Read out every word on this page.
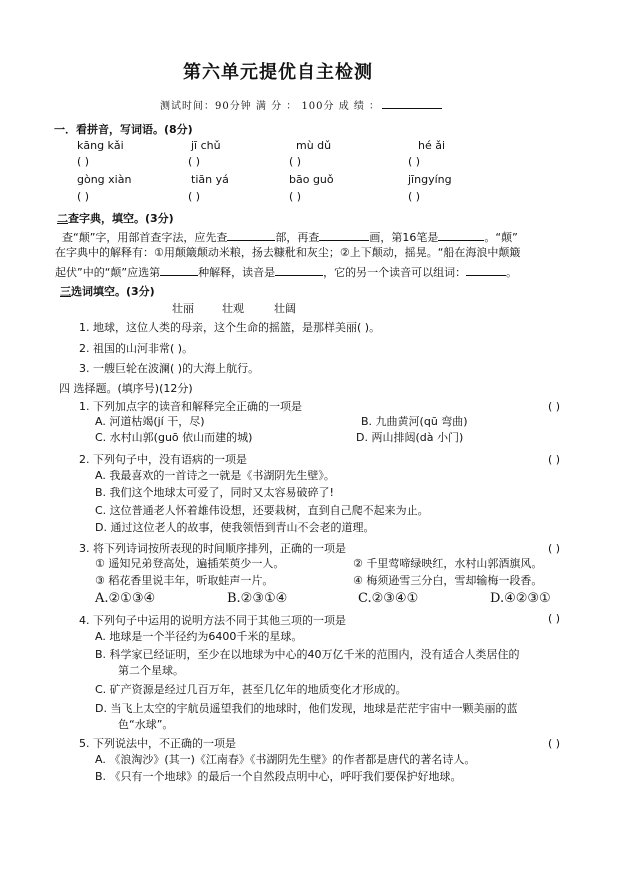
第六单元提优自主检测
测试时间：90分钟 满 分 ： 100分 成 绩 ：
一．看拼音，写词语。(8分)
kāng kǎi	jī chǔ	mù dǔ	hé ǎi
( )	( )	( )	( )
gòng xiàn	tiān yá	bāo guǒ	jīngyíng
( )	( )	( )	( )
二查字典，填空。(3分)
查“颠”字，用部首查字法，应先查	部，再查	画，第16笔是	。“颠”
在字典中的解释有：①用颠簸颠动米粮，扬去糠秕和灰尘；②上下颠动，摇晃。“船在海浪中颠簸
起伏”中的“颠”应选第	种解释，读音是	，它的另一个读音可以组词：	。
三选词填空。(3分)
壮丽	壮观	壮阔
1. 地球，这位人类的母亲，这个生命的摇篮，是那样美丽( )。
2. 祖国的山河非常( )。
3. 一艘巨轮在波澜( )的大海上航行。
四 选择题。(填序号)(12分)
1. 下列加点字的读音和解释完全正确的一项是	( )
A. 河道枯竭(jí 干，尽)	B. 九曲黄河(qū 弯曲)
C. 水村山郭(guō 依山而建的城)	D. 两山排闼(dà 小门)
2. 下列句子中，没有语病的一项是	( )
A. 我最喜欢的一首诗之一就是《书湖阴先生壁》。
B. 我们这个地球太可爱了，同时又太容易破碎了!
C. 这位普通老人怀着雄伟设想，还要栽树，直到自己爬不起来为止。
D. 通过这位老人的故事，使我领悟到青山不会老的道理。
3. 将下列诗词按所表现的时间顺序排列，正确的一项是	( )
① 遥知兄弟登高处，遍插茱萸少一人。	② 千里莺啼绿映红，水村山郭酒旗风。
③ 稻花香里说丰年，听取蛙声一片。	④ 梅须逊雪三分白，雪却输梅一段香。
A.②①③④	B.②③①④	C.②③④①	D.④②③①
4. 下列句子中运用的说明方法不同于其他三项的一项是	( )
A. 地球是一个半径约为6400千米的星球。
B. 科学家已经证明，至少在以地球为中心的40万亿千米的范围内，没有适合人类居住的
第二个星球。
C. 矿产资源是经过几百万年，甚至几亿年的地质变化才形成的。
D. 当飞上太空的宇航员遥望我们的地球时，他们发现，地球是茫茫宇宙中一颗美丽的蓝
色“水球”。
5. 下列说法中，不正确的一项是	( )
A. 《浪淘沙》(其一)《江南春》《书湖阴先生壁》的作者都是唐代的著名诗人。
B. 《只有一个地球》的最后一个自然段点明中心，呼吁我们要保护好地球。
